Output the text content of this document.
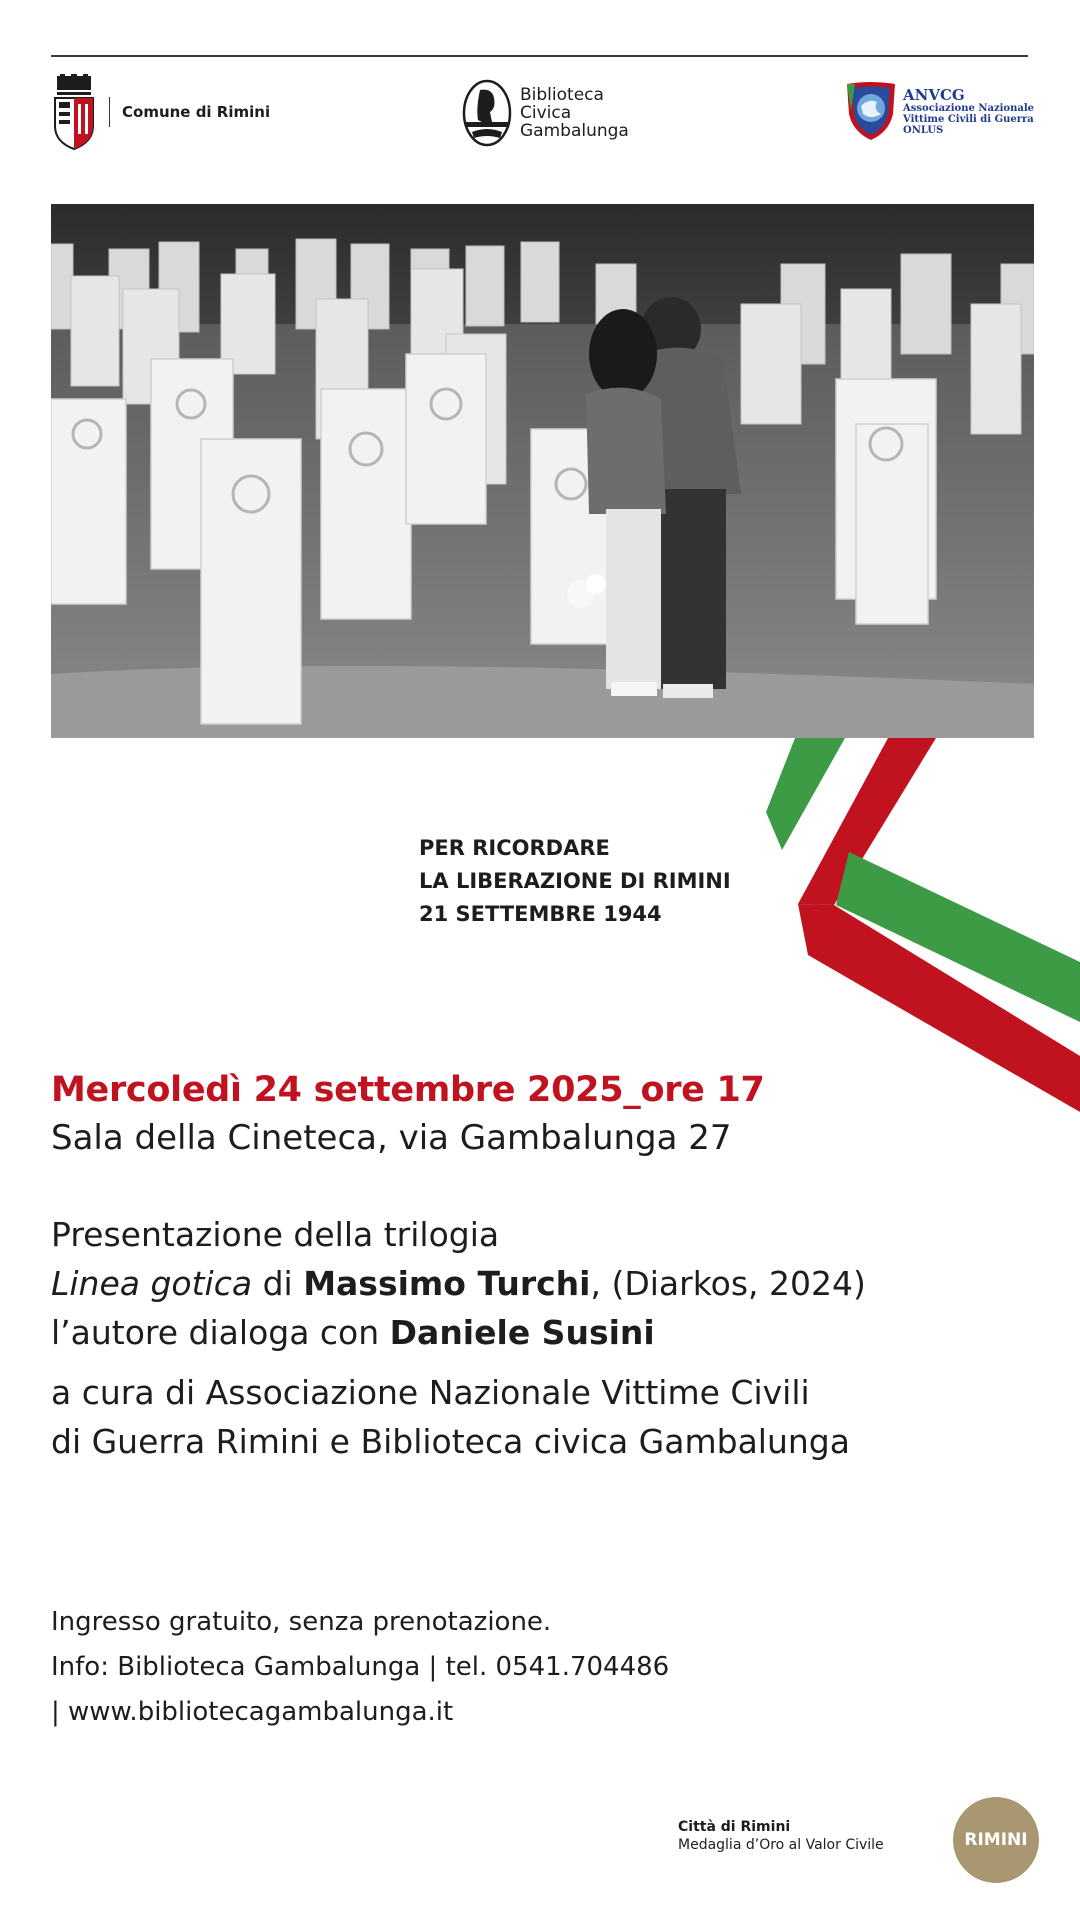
Comune di Rimini
Biblioteca
Civica
Gambalunga
ANVCG
Associazione Nazionale
Vittime Civili di Guerra
ONLUS
PER RICORDARE
LA LIBERAZIONE DI RIMINI
21 SETTEMBRE 1944
Mercoledì 24 settembre 2025_ore 17
Sala della Cineteca, via Gambalunga 27
Presentazione della trilogia
Linea gotica di Massimo Turchi, (Diarkos, 2024)
l’autore dialoga con Daniele Susini
a cura di Associazione Nazionale Vittime Civili
di Guerra Rimini e Biblioteca civica Gambalunga
Ingresso gratuito, senza prenotazione.
Info: Biblioteca Gambalunga | tel. 0541.704486
| www.bibliotecagambalunga.it
Città di Rimini
Medaglia d’Oro al Valor Civile	RIMINI
